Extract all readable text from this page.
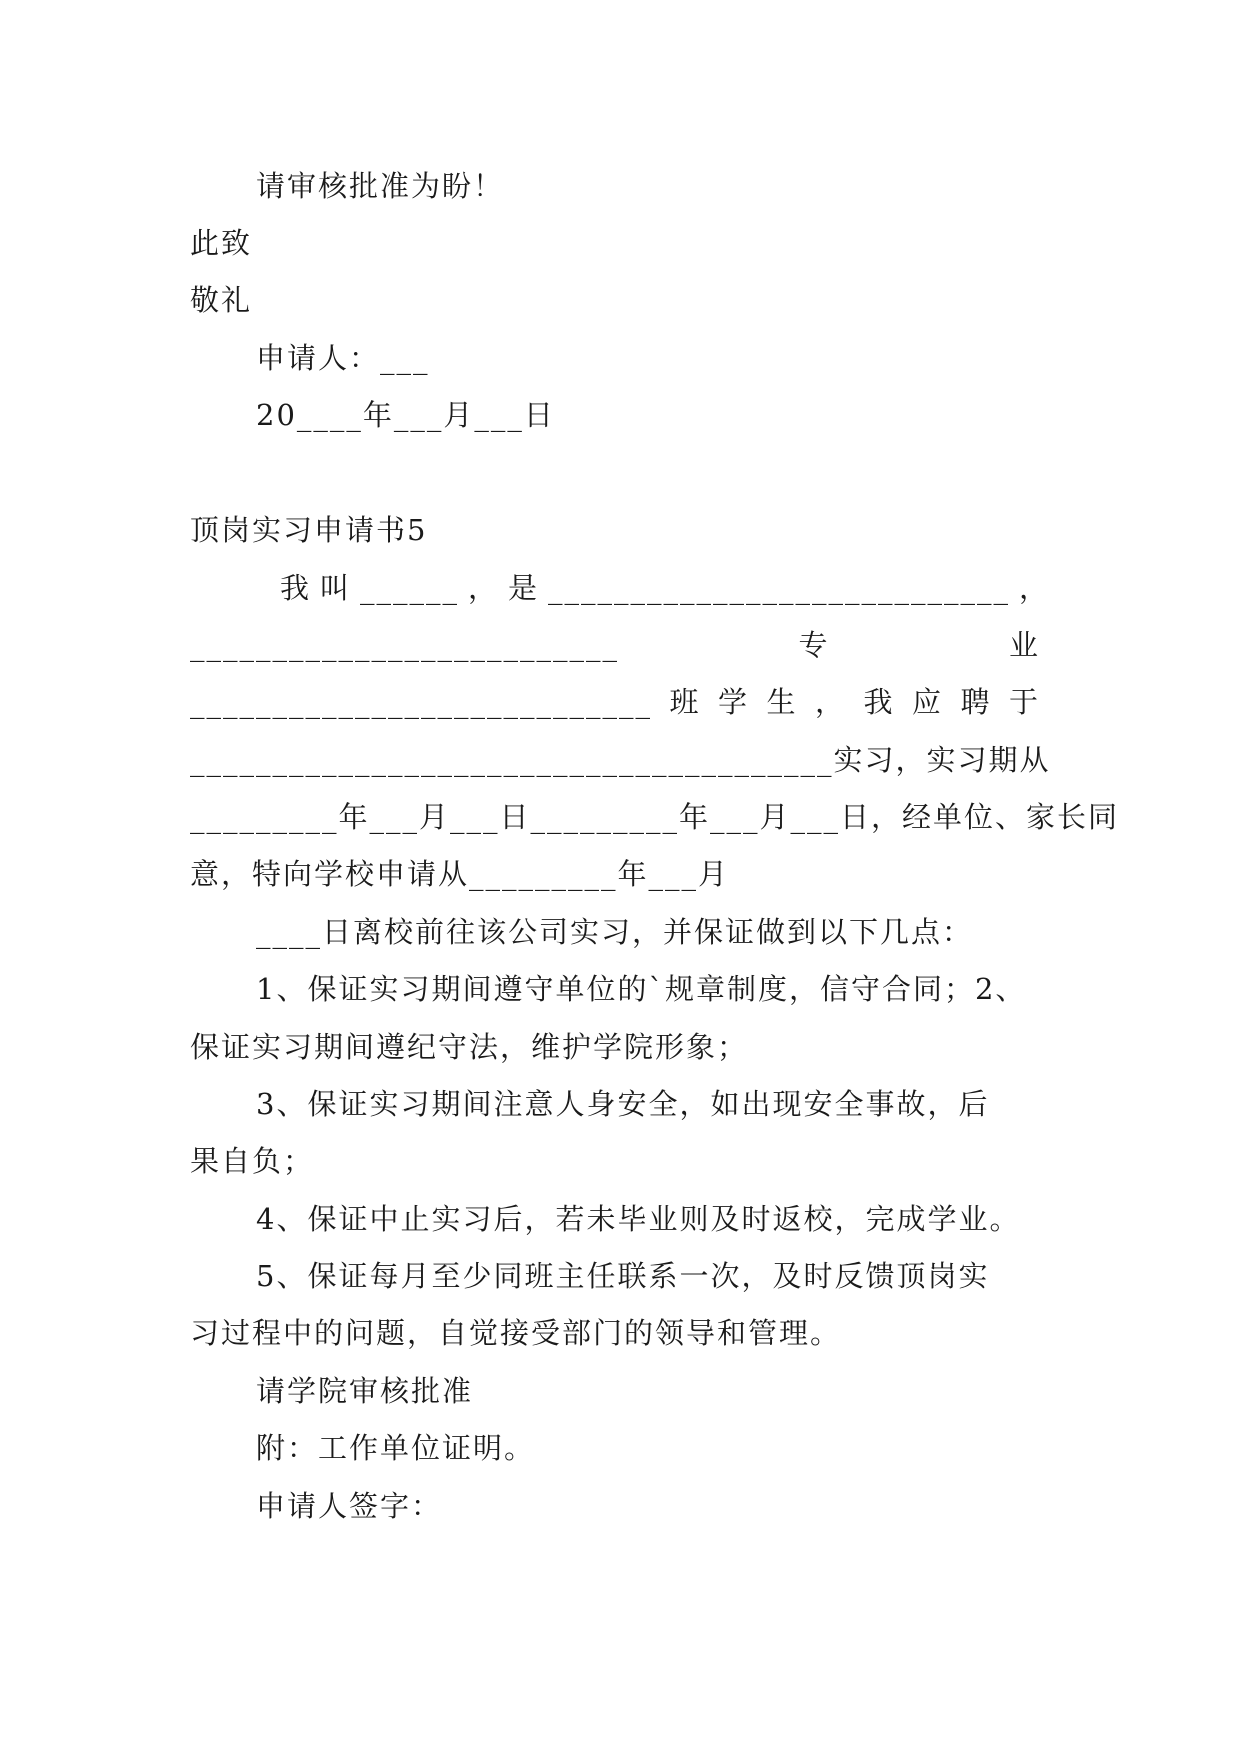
请审核批准为盼！
此致
敬礼
申请人：___
20____年___月___日
顶岗实习申请书5
我 叫 ______ ， 是 ____________________________ ，
__________________________	专	业
____________________________ 班 学 生 ， 我 应 聘 于
_______________________________________实习，实习期从
_________年___月___日_________年___月___日，经单位、家长同
意，特向学校申请从_________年___月
____日离校前往该公司实习，并保证做到以下几点：
1、保证实习期间遵守单位的`规章制度，信守合同；2、
保证实习期间遵纪守法，维护学院形象；
3、保证实习期间注意人身安全，如出现安全事故，后
果自负；
4、保证中止实习后，若未毕业则及时返校，完成学业。
5、保证每月至少同班主任联系一次，及时反馈顶岗实
习过程中的问题，自觉接受部门的领导和管理。
请学院审核批准
附：工作单位证明。
申请人签字：
